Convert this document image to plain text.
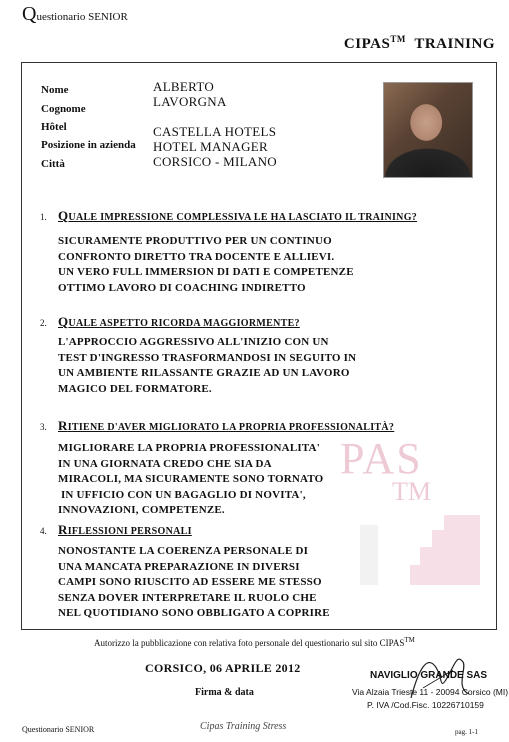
Questionario SENIOR
CIPAS™ TRAINING
Nome
Cognome
Hôtel
Posizione in azienda
Città
ALBERTO
LAVORGNA
CASTELLA HOTELS
HOTEL MANAGER
CORSICO - MILANO
PAS
TM
1. QUALE IMPRESSIONE COMPLESSIVA LE HA LASCIATO IL TRAINING?
SICURAMENTE PRODUTTIVO PER UN CONTINUO
CONFRONTO DIRETTO TRA DOCENTE E ALLIEVI.
UN VERO FULL IMMERSION DI DATI E COMPETENZE
OTTIMO LAVORO DI COACHING INDIRETTO
2. QUALE ASPETTO RICORDA MAGGIORMENTE?
L'APPROCCIO AGGRESSIVO ALL'INIZIO CON UN
TEST D'INGRESSO TRASFORMANDOSI IN SEGUITO IN
UN AMBIENTE RILASSANTE GRAZIE AD UN LAVORO
MAGICO DEL FORMATORE.
3. RITIENE D'AVER MIGLIORATO LA PROPRIA PROFESSIONALITÀ?
MIGLIORARE LA PROPRIA PROFESSIONALITA'
IN UNA GIORNATA CREDO CHE SIA DA
MIRACOLI, MA SICURAMENTE SONO TORNATO
IN UFFICIO CON UN BAGAGLIO DI NOVITA',
INNOVAZIONI, COMPETENZE.
4. RIFLESSIONI PERSONALI
NONOSTANTE LA COERENZA PERSONALE DI
UNA MANCATA PREPARAZIONE IN DIVERSI
CAMPI SONO RIUSCITO AD ESSERE ME STESSO
SENZA DOVER INTERPRETARE IL RUOLO CHE
NEL QUOTIDIANO SONO OBBLIGATO A COPRIRE
Autorizzo la pubblicazione con relativa foto personale del questionario sul sito CIPAS™
CORSICO, 06 APRILE 2012
Firma & data
NAVIGLIO GRANDE SAS
Via Alzaia Trieste 11 - 20094 Corsico (MI)
P. IVA /Cod.Fisc. 10226710159
Questionario SENIOR	Cipas Training Stress	pag. 1-1
